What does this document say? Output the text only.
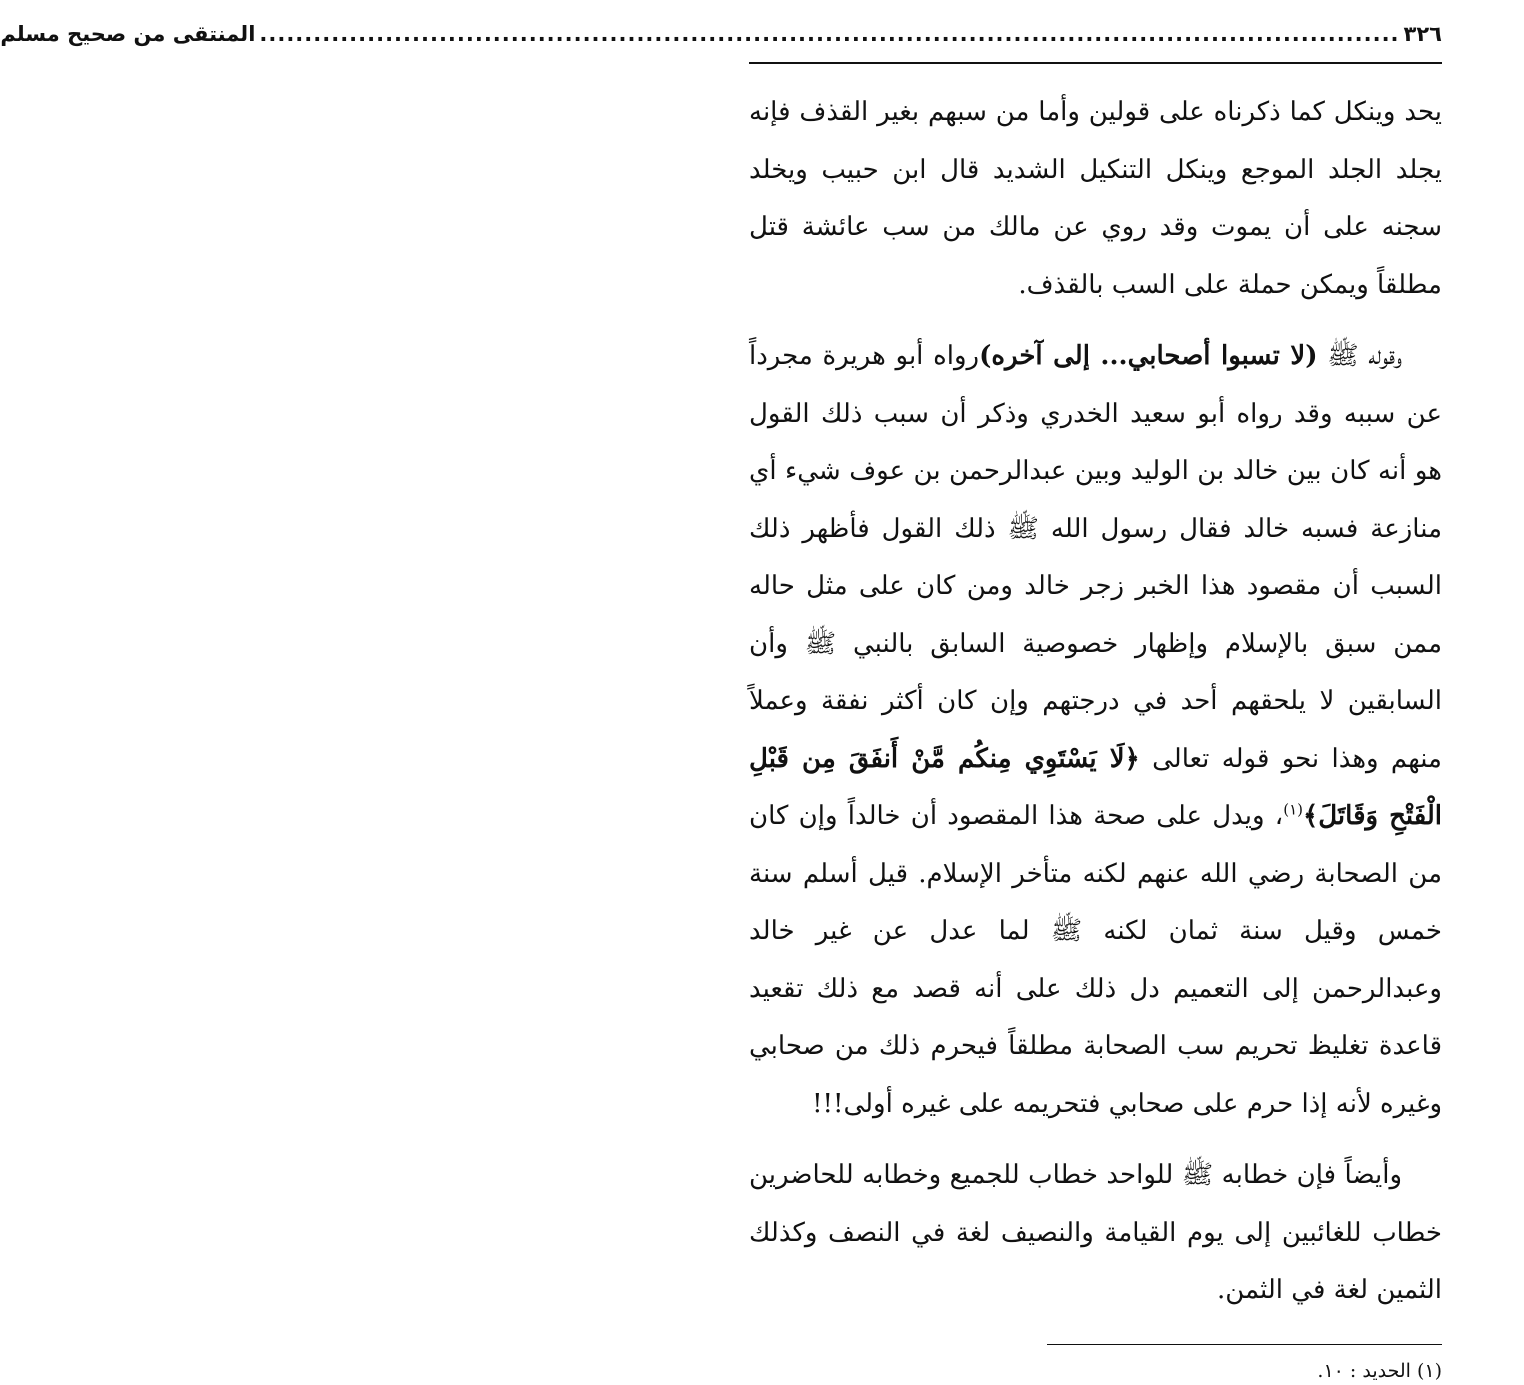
٣٢٦
...............................................................................................................................
المنتقى من صحيح مسلم

يحد وينكل كما ذكرناه على قولين وأما من سبهم بغير القذف فإنه يجلد الجلد الموجع وينكل التنكيل الشديد قال ابن حبيب ويخلد سجنه على أن يموت وقد روي عن مالك من سب عائشة قتل مطلقاً ويمكن حملة على السب بالقذف.

وقوله ﷺ (لا تسبوا أصحابي... إلى آخره)رواه أبو هريرة مجرداً عن سببه وقد رواه أبو سعيد الخدري وذكر أن سبب ذلك القول هو أنه كان بين خالد بن الوليد وبين عبدالرحمن بن عوف شيء أي منازعة فسبه خالد فقال رسول الله ﷺ ذلك القول فأظهر ذلك السبب أن مقصود هذا الخبر زجر خالد ومن كان على مثل حاله ممن سبق بالإسلام وإظهار خصوصية السابق بالنبي ﷺ وأن السابقين لا يلحقهم أحد في درجتهم وإن كان أكثر نفقة وعملاً منهم وهذا نحو قوله تعالى ﴿لَا يَسْتَوِي مِنكُم مَّنْ أَنفَقَ مِن قَبْلِ الْفَتْحِ وَقَاتَلَ﴾$^{(١)}$، ويدل على صحة هذا المقصود أن خالداً وإن كان من الصحابة رضي الله عنهم لكنه متأخر الإسلام. قيل أسلم سنة خمس وقيل سنة ثمان لكنه ﷺ لما عدل عن غير خالد وعبدالرحمن إلى التعميم دل ذلك على أنه قصد مع ذلك تقعيد قاعدة تغليظ تحريم سب الصحابة مطلقاً فيحرم ذلك من صحابي وغيره لأنه إذا حرم على صحابي فتحريمه على غيره أولى!!!

وأيضاً فإن خطابه ﷺ للواحد خطاب للجميع وخطابه للحاضرين خطاب للغائبين إلى يوم القيامة والنصيف لغة في النصف وكذلك الثمين لغة في الثمن.

(١) الحديد : ١٠.
